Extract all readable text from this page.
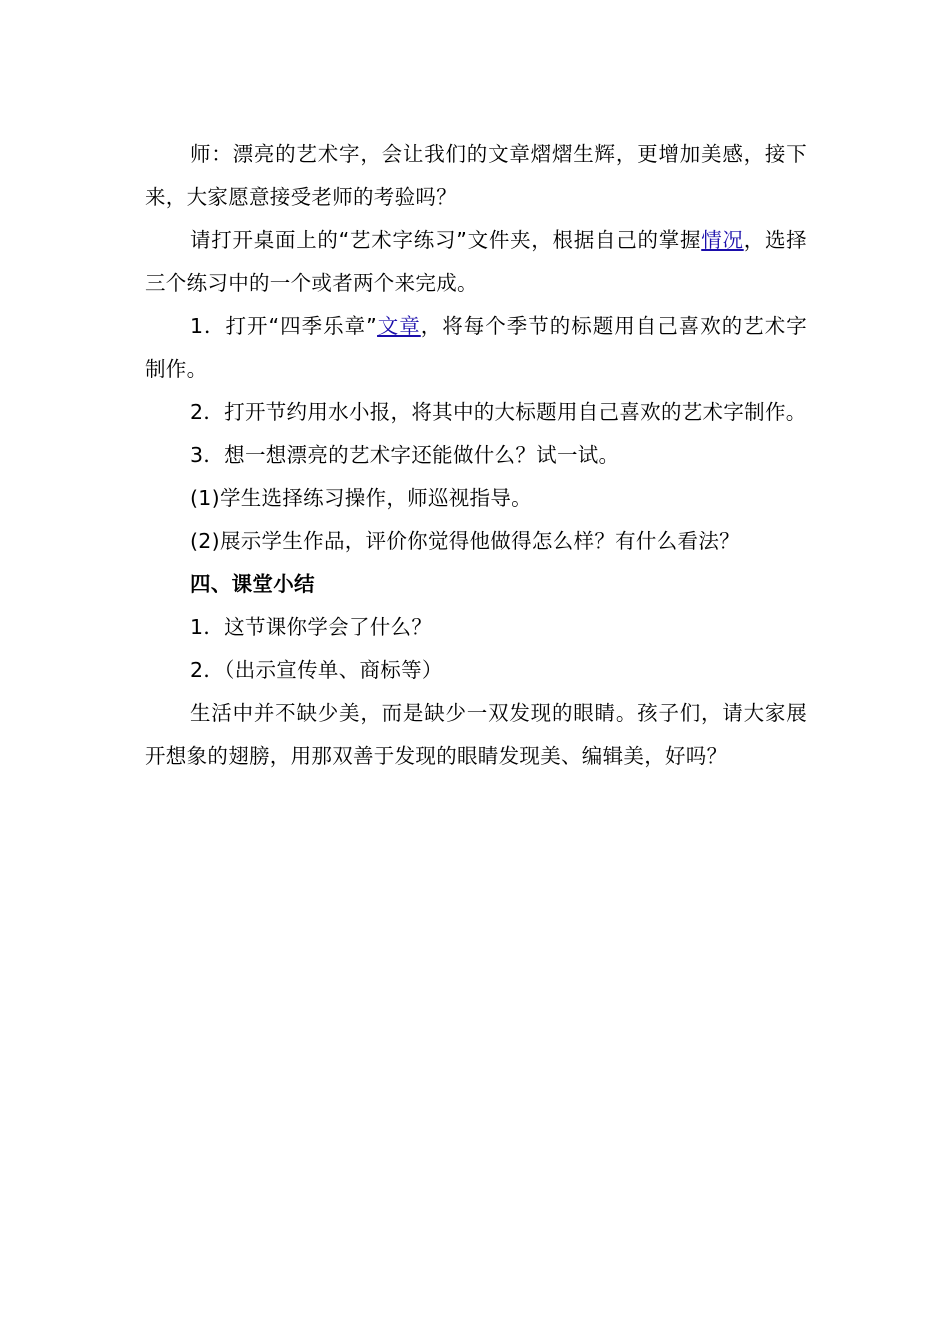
师：漂亮的艺术字，会让我们的文章熠熠生辉，更增加美感，接下来，大家愿意接受老师的考验吗？

请打开桌面上的“艺术字练习”文件夹，根据自己的掌握情况，选择三个练习中的一个或者两个来完成。

1．打开“四季乐章”文章，将每个季节的标题用自己喜欢的艺术字制作。

2．打开节约用水小报，将其中的大标题用自己喜欢的艺术字制作。

3．想一想漂亮的艺术字还能做什么？试一试。

(1)学生选择练习操作，师巡视指导。

(2)展示学生作品，评价你觉得他做得怎么样？有什么看法？

四、课堂小结

1．这节课你学会了什么？

2．（出示宣传单、商标等）

生活中并不缺少美，而是缺少一双发现的眼睛。孩子们，请大家展开想象的翅膀，用那双善于发现的眼睛发现美、编辑美，好吗？
